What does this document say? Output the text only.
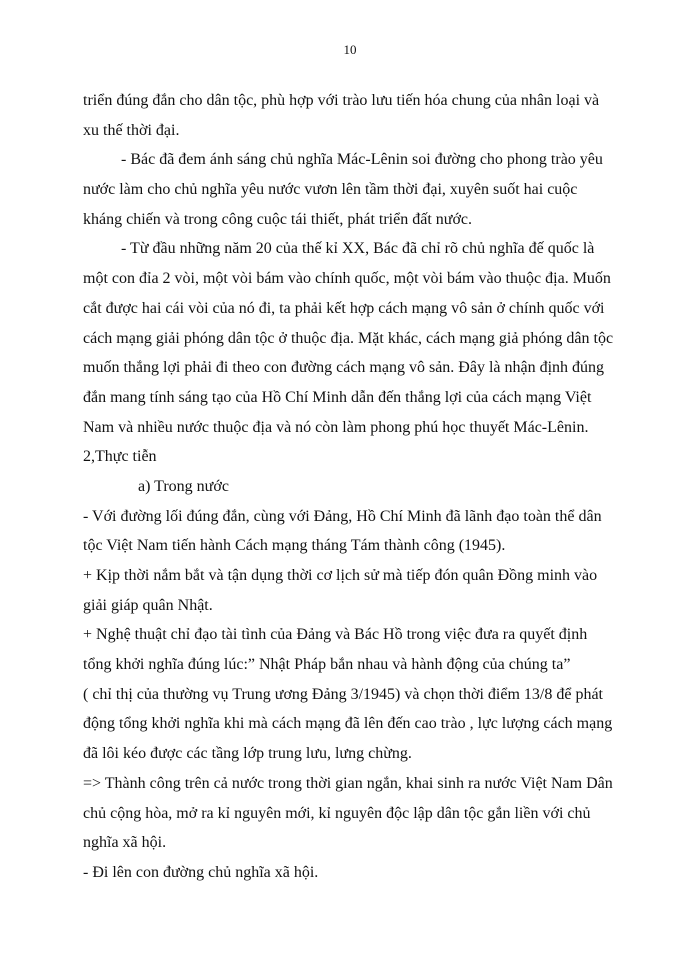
10
triển đúng đắn cho dân tộc, phù hợp với trào lưu tiến hóa chung của nhân loại và
xu thế thời đại.
- Bác đã đem ánh sáng chủ nghĩa Mác-Lênin soi đường cho phong trào yêu
nước làm cho chủ nghĩa yêu nước vươn lên tầm thời đại, xuyên suốt hai cuộc
kháng chiến và trong công cuộc tái thiết, phát triển đất nước.
- Từ đầu những năm 20 của thế kỉ XX, Bác đã chỉ rõ chủ nghĩa đế quốc là
một con đỉa 2 vòi, một vòi bám vào chính quốc, một vòi bám vào thuộc địa. Muốn
cắt được hai cái vòi của nó đi, ta phải kết hợp cách mạng vô sản ở chính quốc với
cách mạng giải phóng dân tộc ở thuộc địa. Mặt khác, cách mạng giả phóng dân tộc
muốn thắng lợi phải đi theo con đường cách mạng vô sản. Đây là nhận định đúng
đắn mang tính sáng tạo của Hồ Chí Minh dẫn đến thắng lợi của cách mạng Việt
Nam và nhiều nước thuộc địa và nó còn làm phong phú học thuyết Mác-Lênin.
2,Thực tiễn
a) Trong nước
- Với đường lối đúng đắn, cùng với Đảng, Hồ Chí Minh đã lãnh đạo toàn thể dân
tộc Việt Nam tiến hành Cách mạng tháng Tám thành công (1945).
+ Kịp thời nắm bắt và tận dụng thời cơ lịch sử mà tiếp đón quân Đồng minh vào
giải giáp quân Nhật.
+ Nghệ thuật chỉ đạo tài tình của Đảng và Bác Hồ trong việc đưa ra quyết định
tổng khởi nghĩa đúng lúc:” Nhật Pháp bắn nhau và hành động của chúng ta”
( chỉ thị của thường vụ Trung ương Đảng 3/1945) và chọn thời điểm 13/8 để phát
động tổng khởi nghĩa khi mà cách mạng đã lên đến cao trào , lực lượng cách mạng
đã lôi kéo được các tầng lớp trung lưu, lưng chừng.
=> Thành công trên cả nước trong thời gian ngắn, khai sinh ra nước Việt Nam Dân
chủ cộng hòa, mở ra kỉ nguyên mới, kỉ nguyên độc lập dân tộc gắn liền với chủ
nghĩa xã hội.
- Đi lên con đường chủ nghĩa xã hội.
